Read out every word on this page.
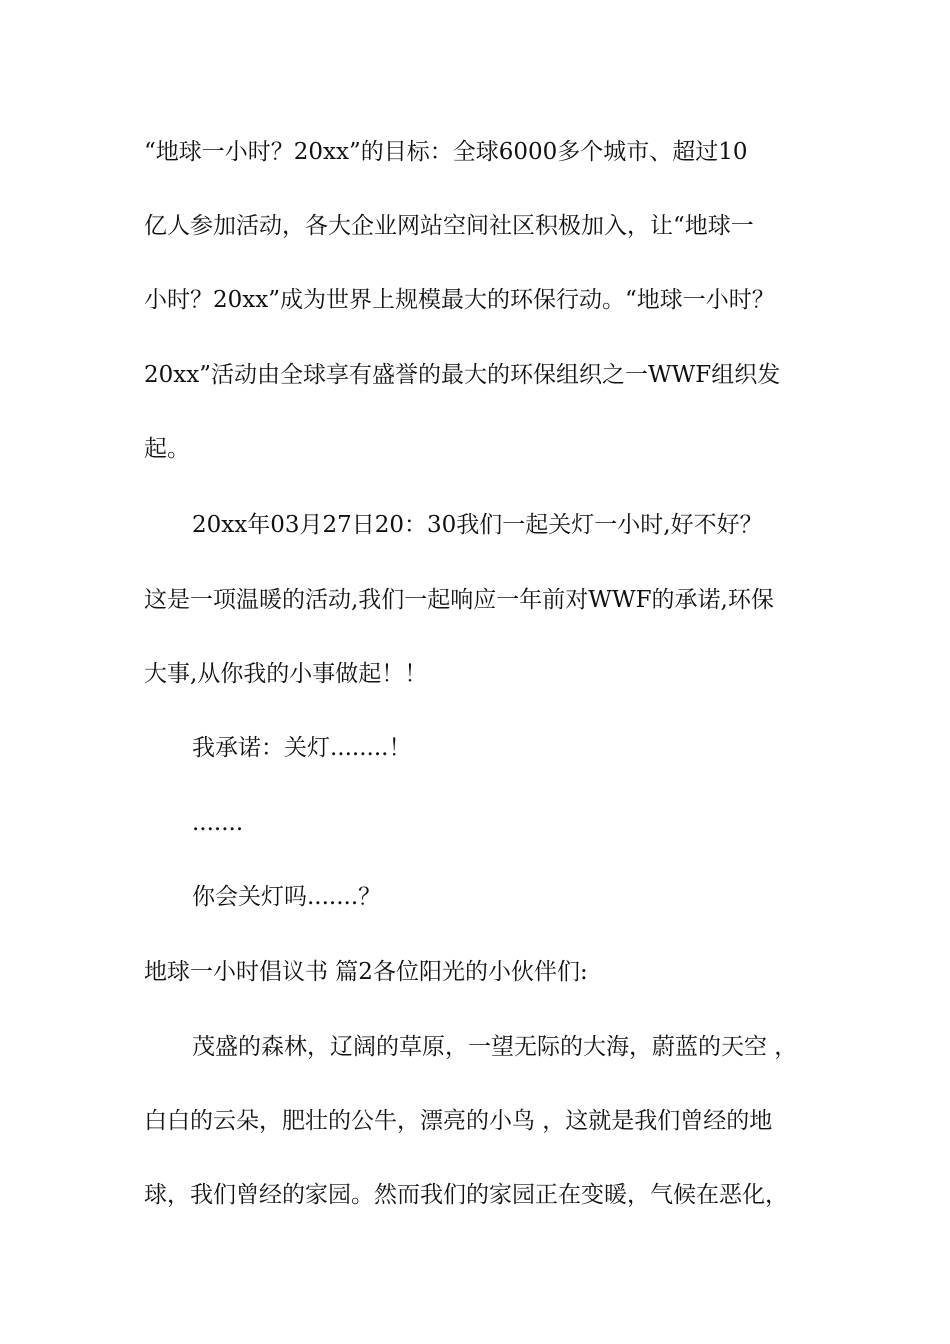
“地球一小时？20xx”的目标：全球6000多个城市、超过10
亿人参加活动，各大企业网站空间社区积极加入，让“地球一
小时？20xx”成为世界上规模最大的环保行动。“地球一小时？
20xx”活动由全球享有盛誉的最大的环保组织之一WWF组织发
起。
20xx年03月27日20：30我们一起关灯一小时,好不好？
这是一项温暖的活动,我们一起响应一年前对WWF的承诺,环保
大事,从你我的小事做起！！
我承诺：关灯........！
.......
你会关灯吗.......？
地球一小时倡议书 篇2各位阳光的小伙伴们:
茂盛的森林，辽阔的草原，一望无际的大海，蔚蓝的天空 ，
白白的云朵，肥壮的公牛，漂亮的小鸟 ，这就是我们曾经的地
球，我们曾经的家园。然而我们的家园正在变暖，气候在恶化，
